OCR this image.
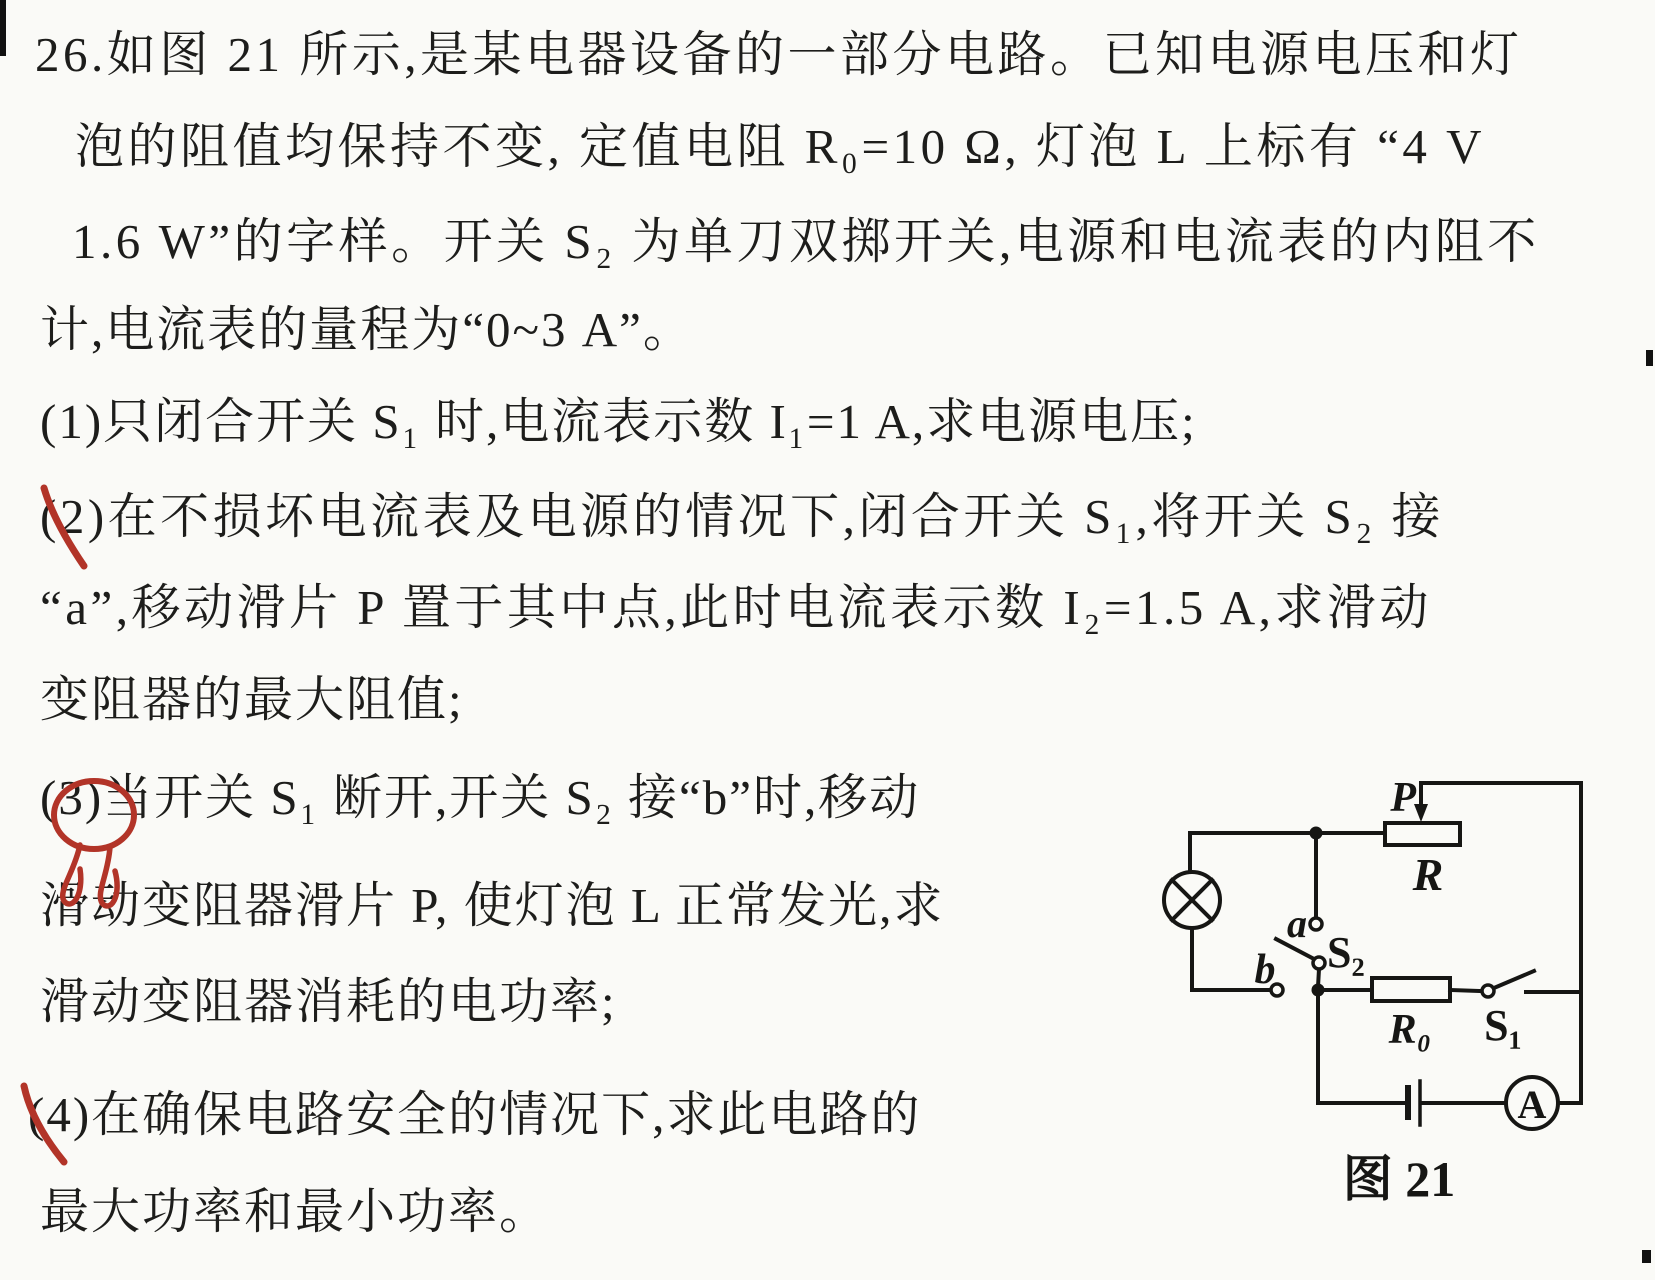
26.如图 21 所示,是某电器设备的一部分电路。已知电源电压和灯
泡的阻值均保持不变, 定值电阻 R₀=10 Ω, 灯泡 L 上标有 “4 V
1.6 W”的字样。开关 S₂ 为单刀双掷开关,电源和电流表的内阻不
计,电流表的量程为“0~3 A”。
(1)只闭合开关 S₁ 时,电流表示数 I₁=1 A,求电源电压;
(2)在不损坏电流表及电源的情况下,闭合开关 S₁,将开关 S₂ 接
“a”,移动滑片 P 置于其中点,此时电流表示数 I₂=1.5 A,求滑动
变阻器的最大阻值;
(3)当开关 S₁ 断开,开关 S₂ 接“b”时,移动
滑动变阻器滑片 P, 使灯泡 L 正常发光,求
滑动变阻器消耗的电功率;
(4)在确保电路安全的情况下,求此电路的
最大功率和最小功率。
P
R
a
b S₂
R₀ S₁
A
图 21
